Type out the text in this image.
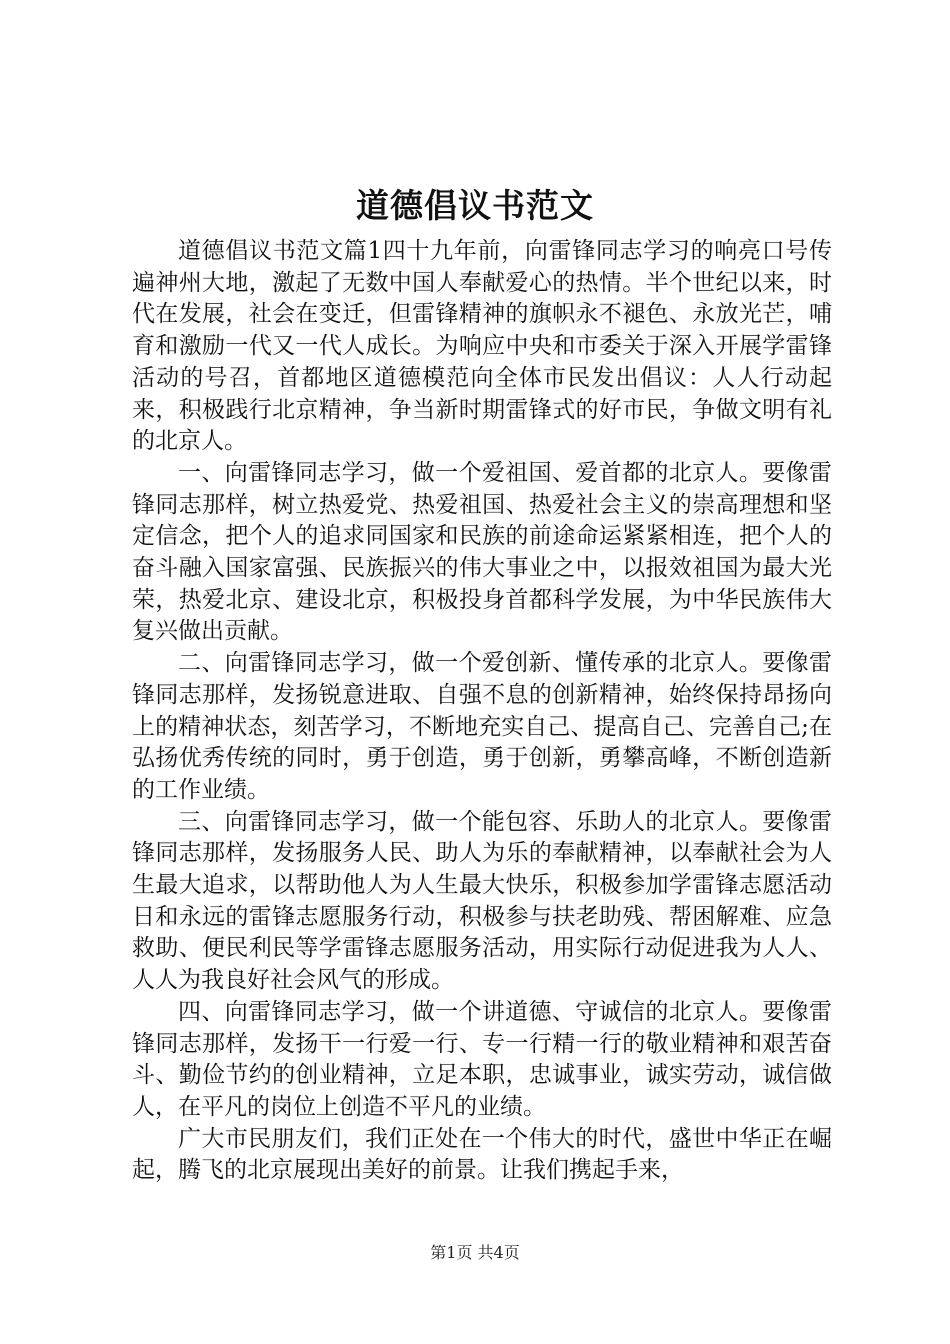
道德倡议书范文

道德倡议书范文篇1四十九年前，向雷锋同志学习的响亮口号传遍神州大地，激起了无数中国人奉献爱心的热情。半个世纪以来，时代在发展，社会在变迁，但雷锋精神的旗帜永不褪色、永放光芒，哺育和激励一代又一代人成长。为响应中央和市委关于深入开展学雷锋活动的号召，首都地区道德模范向全体市民发出倡议：人人行动起来，积极践行北京精神，争当新时期雷锋式的好市民，争做文明有礼的北京人。

一、向雷锋同志学习，做一个爱祖国、爱首都的北京人。要像雷锋同志那样，树立热爱党、热爱祖国、热爱社会主义的崇高理想和坚定信念，把个人的追求同国家和民族的前途命运紧紧相连，把个人的奋斗融入国家富强、民族振兴的伟大事业之中，以报效祖国为最大光荣，热爱北京、建设北京，积极投身首都科学发展，为中华民族伟大复兴做出贡献。

二、向雷锋同志学习，做一个爱创新、懂传承的北京人。要像雷锋同志那样，发扬锐意进取、自强不息的创新精神，始终保持昂扬向上的精神状态，刻苦学习，不断地充实自己、提高自己、完善自己;在弘扬优秀传统的同时，勇于创造，勇于创新，勇攀高峰，不断创造新的工作业绩。

三、向雷锋同志学习，做一个能包容、乐助人的北京人。要像雷锋同志那样，发扬服务人民、助人为乐的奉献精神，以奉献社会为人生最大追求，以帮助他人为人生最大快乐，积极参加学雷锋志愿活动日和永远的雷锋志愿服务行动，积极参与扶老助残、帮困解难、应急救助、便民利民等学雷锋志愿服务活动，用实际行动促进我为人人、人人为我良好社会风气的形成。

四、向雷锋同志学习，做一个讲道德、守诚信的北京人。要像雷锋同志那样，发扬干一行爱一行、专一行精一行的敬业精神和艰苦奋斗、勤俭节约的创业精神，立足本职，忠诚事业，诚实劳动，诚信做人，在平凡的岗位上创造不平凡的业绩。

广大市民朋友们，我们正处在一个伟大的时代，盛世中华正在崛起，腾飞的北京展现出美好的前景。让我们携起手来，

第1页 共4页
